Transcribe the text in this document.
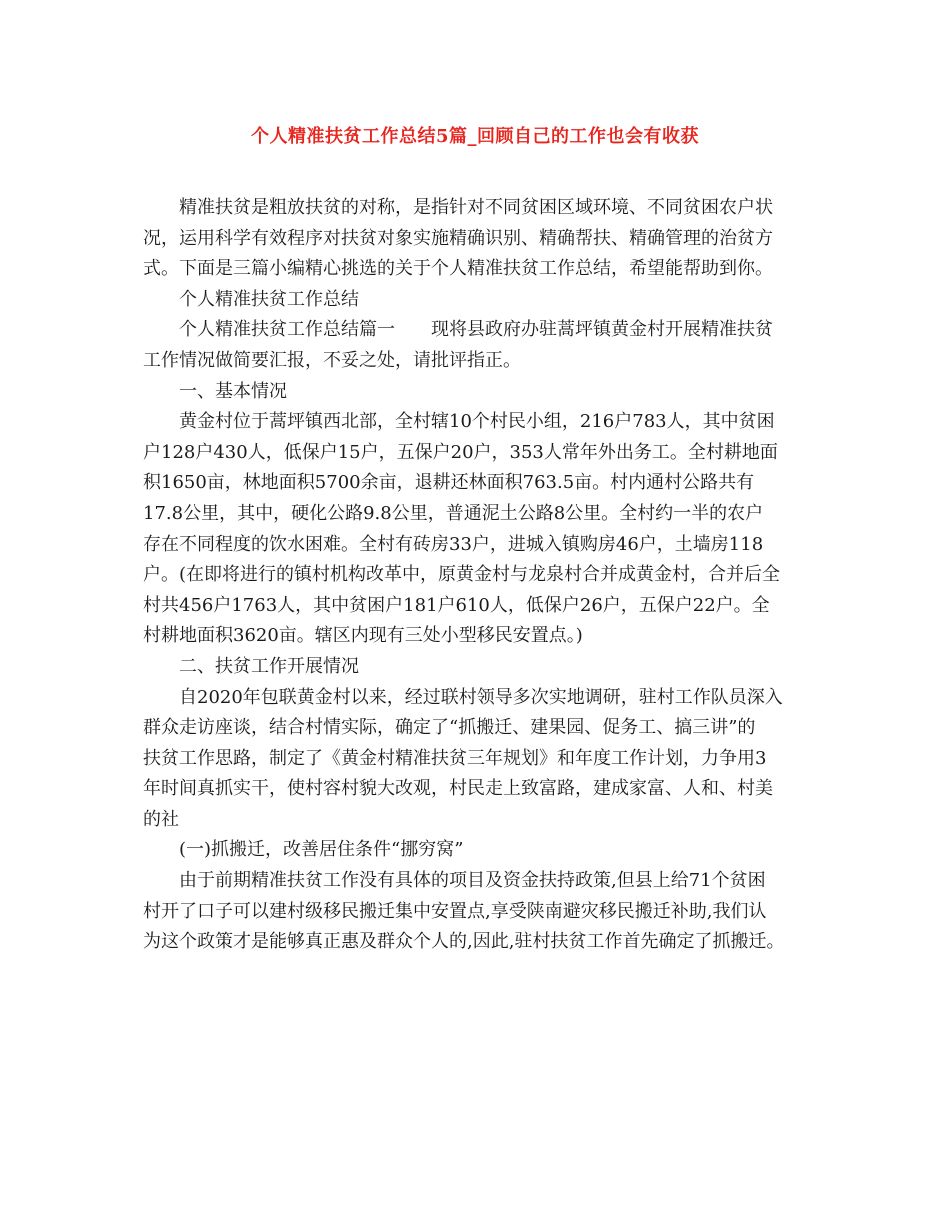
个人精准扶贫工作总结5篇_回顾自己的工作也会有收获
精准扶贫是粗放扶贫的对称，是指针对不同贫困区域环境、不同贫困农户状
况，运用科学有效程序对扶贫对象实施精确识别、精确帮扶、精确管理的治贫方
式。下面是三篇小编精心挑选的关于个人精准扶贫工作总结，希望能帮助到你。
个人精准扶贫工作总结
个人精准扶贫工作总结篇一　　现将县政府办驻蒿坪镇黄金村开展精准扶贫
工作情况做简要汇报，不妥之处，请批评指正。
一、基本情况
黄金村位于蒿坪镇西北部，全村辖10个村民小组，216户783人，其中贫困
户128户430人，低保户15户，五保户20户，353人常年外出务工。全村耕地面
积1650亩，林地面积5700余亩，退耕还林面积763.5亩。村内通村公路共有
17.8公里，其中，硬化公路9.8公里，普通泥土公路8公里。全村约一半的农户
存在不同程度的饮水困难。全村有砖房33户，进城入镇购房46户，土墙房118
户。(在即将进行的镇村机构改革中，原黄金村与龙泉村合并成黄金村，合并后全
村共456户1763人，其中贫困户181户610人，低保户26户，五保户22户。全
村耕地面积3620亩。辖区内现有三处小型移民安置点。)
二、扶贫工作开展情况
自2020年包联黄金村以来，经过联村领导多次实地调研，驻村工作队员深入
群众走访座谈，结合村情实际，确定了“抓搬迁、建果园、促务工、搞三讲”的
扶贫工作思路，制定了《黄金村精准扶贫三年规划》和年度工作计划，力争用3
年时间真抓实干，使村容村貌大改观，村民走上致富路，建成家富、人和、村美
的社
(一)抓搬迁，改善居住条件“挪穷窝”
由于前期精准扶贫工作没有具体的项目及资金扶持政策,但县上给71个贫困
村开了口子可以建村级移民搬迁集中安置点,享受陕南避灾移民搬迁补助,我们认
为这个政策才是能够真正惠及群众个人的,因此,驻村扶贫工作首先确定了抓搬迁。
